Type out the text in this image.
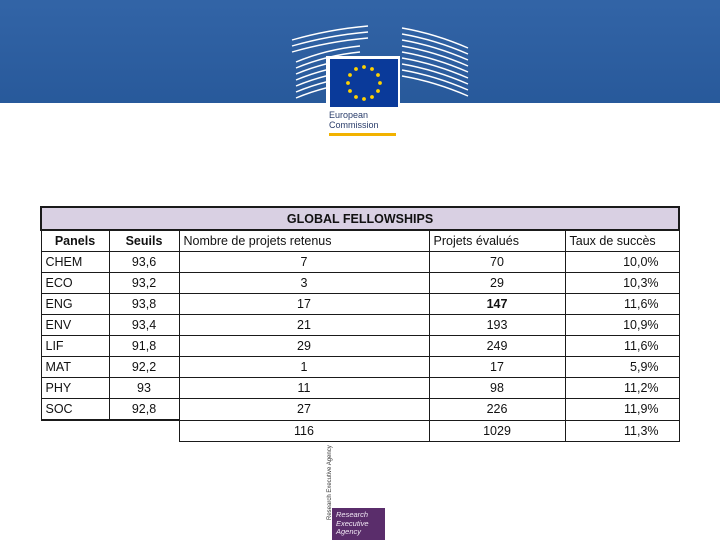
European
Commission
GLOBAL FELLOWSHIPS				
Panels	Seuils	Nombre de projets retenus	Projets évalués	Taux de succès
CHEM	93,6	7	70	10,0%
ECO	93,2	3	29	10,3%
ENG	93,8	17	147	11,6%
ENV	93,4	21	193	10,9%
LIF	91,8	29	249	11,6%
MAT	92,2	1	17	5,9%
PHY	93	11	98	11,2%
SOC	92,8	27	226	11,9%
		116	1029	11,3%
Research
Executive
Agency
Research Executive Agency
